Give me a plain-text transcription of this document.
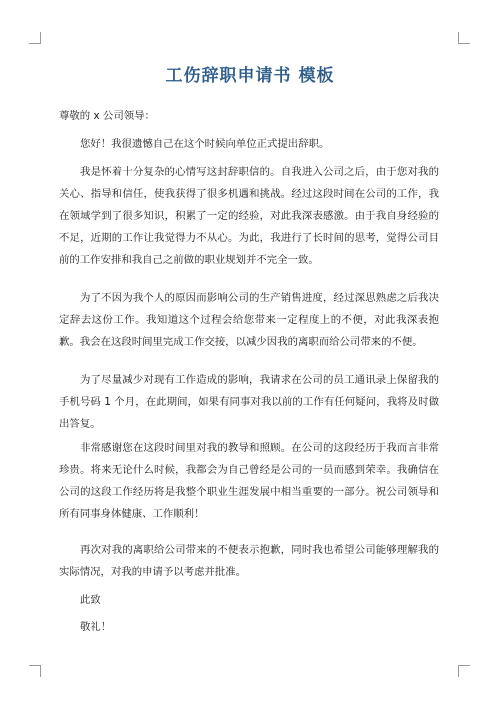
工伤辞职申请书 模板

尊敬的 x 公司领导：

您好！我很遗憾自己在这个时候向单位正式提出辞职。

我是怀着十分复杂的心情写这封辞职信的。自我进入公司之后，由于您对我的关心、指导和信任，使我获得了很多机遇和挑战。经过这段时间在公司的工作，我在领域学到了很多知识，积累了一定的经验，对此我深表感激。由于我自身经验的不足，近期的工作让我觉得力不从心。为此，我进行了长时间的思考，觉得公司目前的工作安排和我自己之前做的职业规划并不完全一致。

为了不因为我个人的原因而影响公司的生产销售进度，经过深思熟虑之后我决定辞去这份工作。我知道这个过程会给您带来一定程度上的不便，对此我深表抱歉。我会在这段时间里完成工作交接，以减少因我的离职而给公司带来的不便。

为了尽量减少对现有工作造成的影响，我请求在公司的员工通讯录上保留我的手机号码 1 个月，在此期间，如果有同事对我以前的工作有任何疑问，我将及时做出答复。

非常感谢您在这段时间里对我的教导和照顾。在公司的这段经历于我而言非常珍贵。将来无论什么时候，我都会为自己曾经是公司的一员而感到荣幸。我确信在公司的这段工作经历将是我整个职业生涯发展中相当重要的一部分。祝公司领导和所有同事身体健康、工作顺利！

再次对我的离职给公司带来的不便表示抱歉，同时我也希望公司能够理解我的实际情况，对我的申请予以考虑并批准。

此致

敬礼！
